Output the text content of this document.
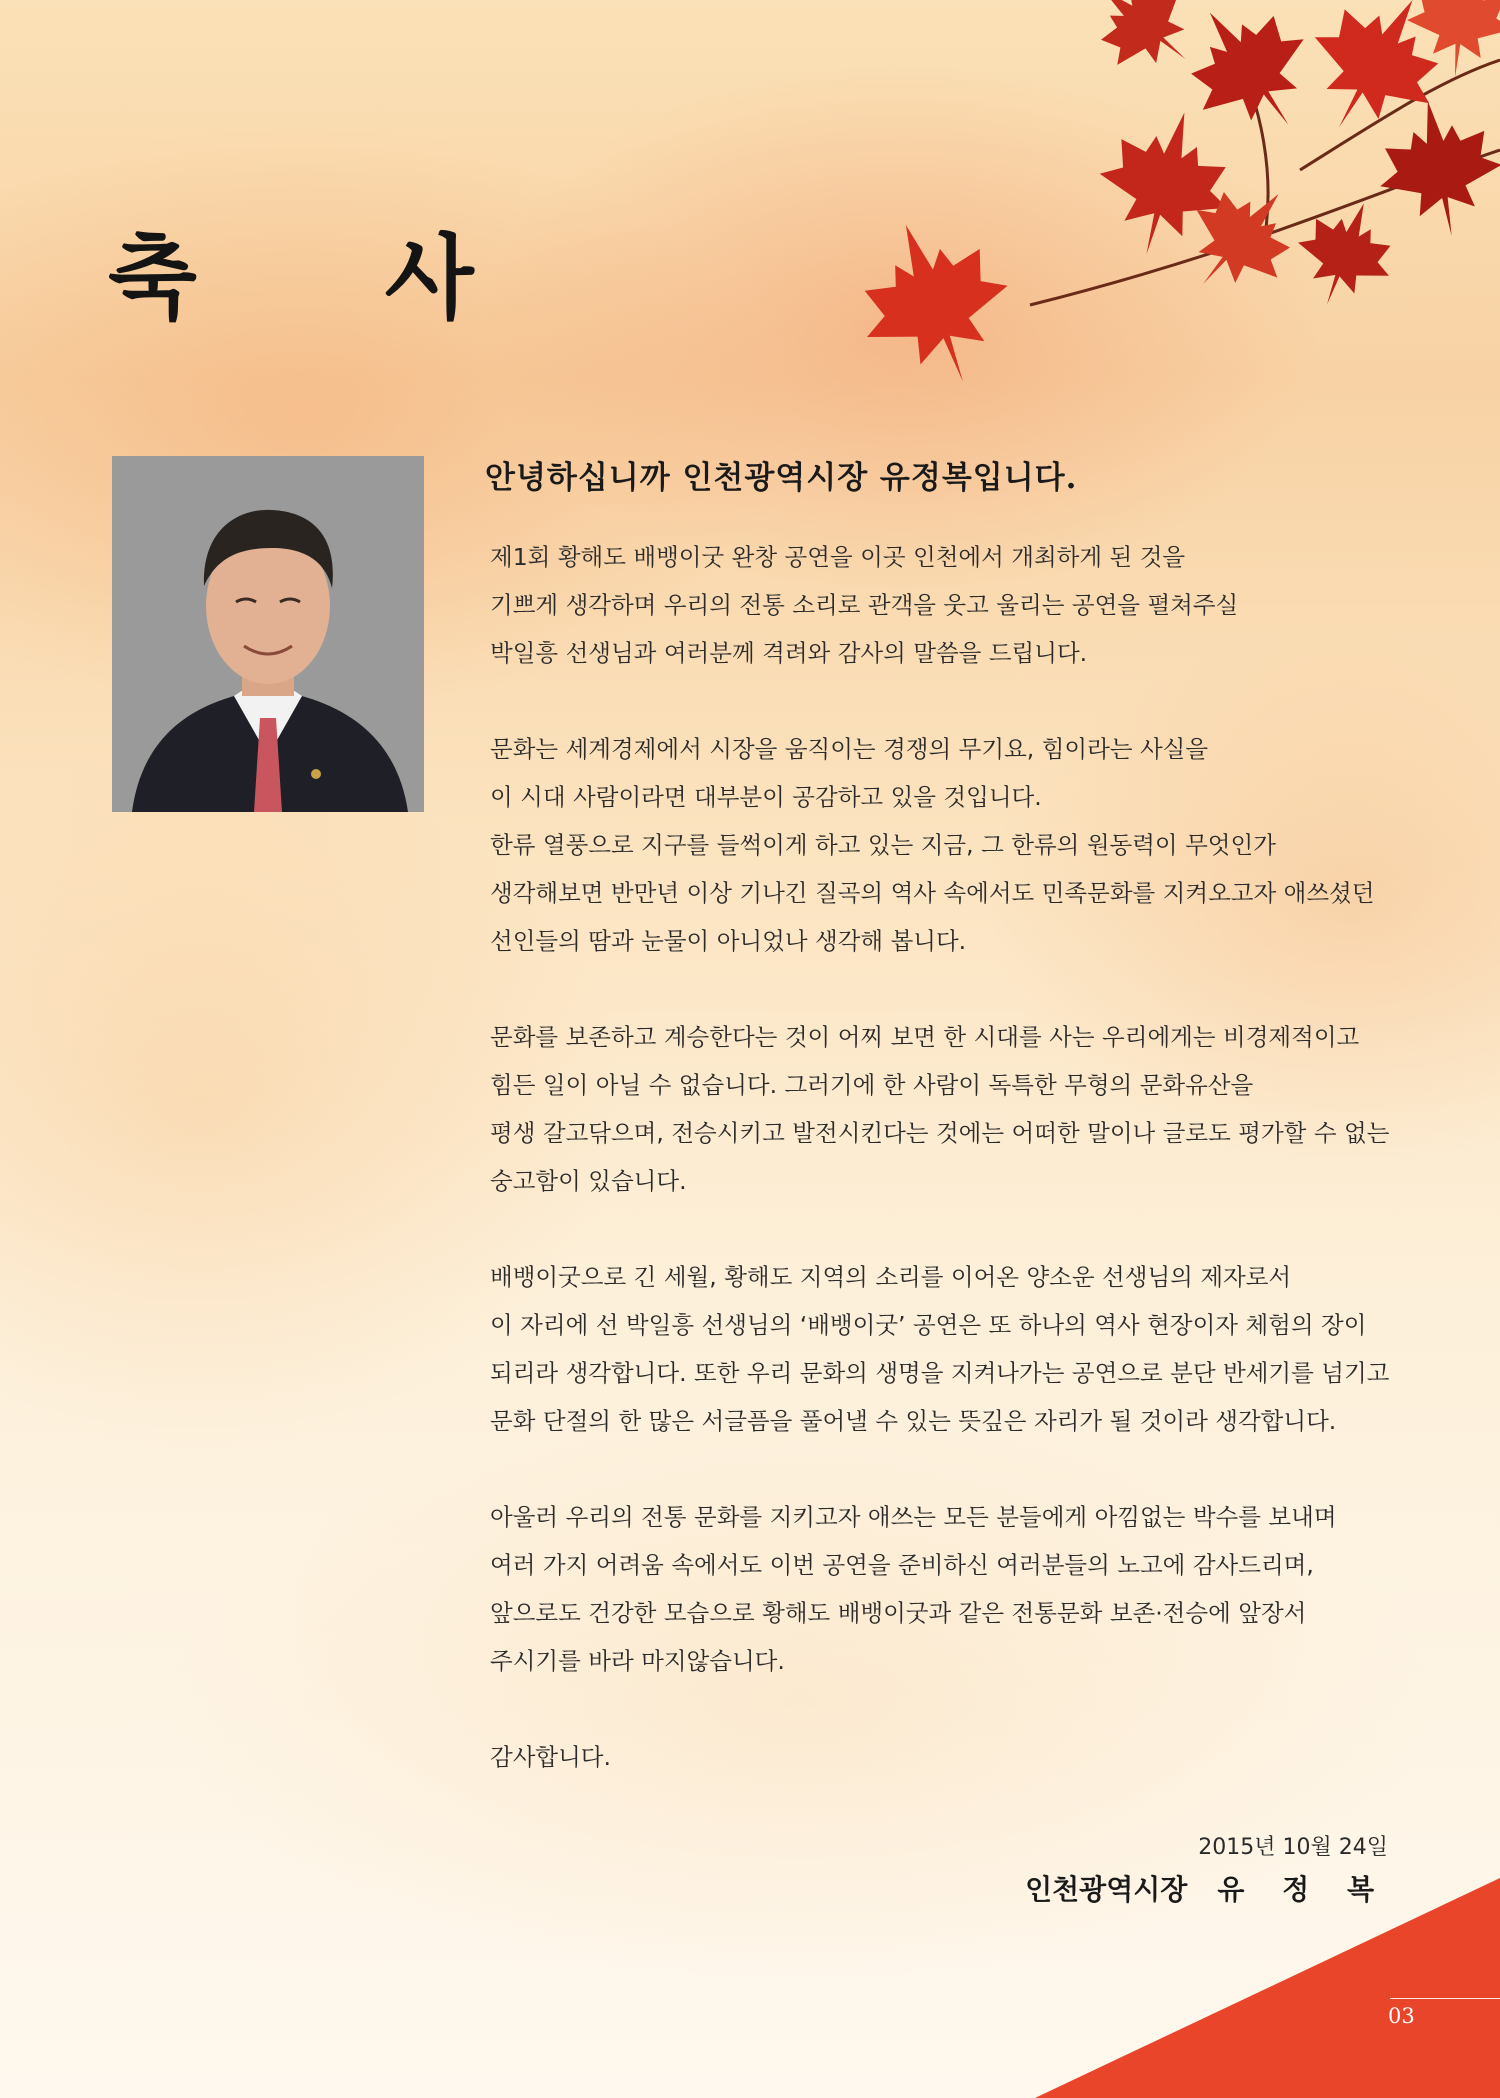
축 사
안녕하십니까 인천광역시장 유정복입니다.
제1회 황해도 배뱅이굿 완창 공연을 이곳 인천에서 개최하게 된 것을
기쁘게 생각하며 우리의 전통 소리로 관객을 웃고 울리는 공연을 펼쳐주실
박일흥 선생님과 여러분께 격려와 감사의 말씀을 드립니다.
문화는 세계경제에서 시장을 움직이는 경쟁의 무기요, 힘이라는 사실을
이 시대 사람이라면 대부분이 공감하고 있을 것입니다.
한류 열풍으로 지구를 들썩이게 하고 있는 지금, 그 한류의 원동력이 무엇인가
생각해보면 반만년 이상 기나긴 질곡의 역사 속에서도 민족문화를 지켜오고자 애쓰셨던
선인들의 땀과 눈물이 아니었나 생각해 봅니다.
문화를 보존하고 계승한다는 것이 어찌 보면 한 시대를 사는 우리에게는 비경제적이고
힘든 일이 아닐 수 없습니다. 그러기에 한 사람이 독특한 무형의 문화유산을
평생 갈고닦으며, 전승시키고 발전시킨다는 것에는 어떠한 말이나 글로도 평가할 수 없는
숭고함이 있습니다.
배뱅이굿으로 긴 세월, 황해도 지역의 소리를 이어온 양소운 선생님의 제자로서
이 자리에 선 박일흥 선생님의 ‘배뱅이굿’ 공연은 또 하나의 역사 현장이자 체험의 장이
되리라 생각합니다. 또한 우리 문화의 생명을 지켜나가는 공연으로 분단 반세기를 넘기고
문화 단절의 한 많은 서글픔을 풀어낼 수 있는 뜻깊은 자리가 될 것이라 생각합니다.
아울러 우리의 전통 문화를 지키고자 애쓰는 모든 분들에게 아낌없는 박수를 보내며
여러 가지 어려움 속에서도 이번 공연을 준비하신 여러분들의 노고에 감사드리며,
앞으로도 건강한 모습으로 황해도 배뱅이굿과 같은 전통문화 보존·전승에 앞장서
주시기를 바라 마지않습니다.
감사합니다.
2015년 10월 24일
인천광역시장 유 정 복
03
